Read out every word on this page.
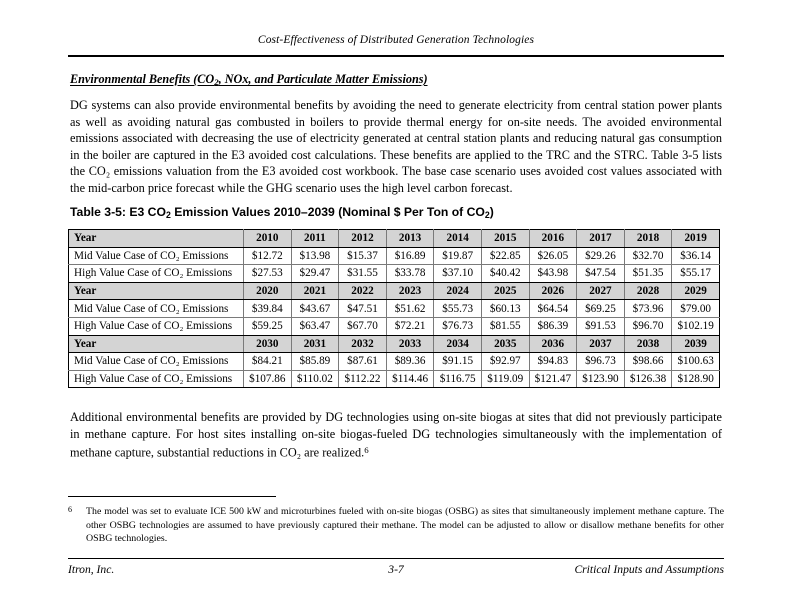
Cost-Effectiveness of Distributed Generation Technologies
Environmental Benefits ($CO_2$, NOx, and Particulate Matter Emissions)
DG systems can also provide environmental benefits by avoiding the need to generate electricity from central station power plants as well as avoiding natural gas combusted in boilers to provide thermal energy for on-site needs. The avoided environmental emissions associated with decreasing the use of electricity generated at central station plants and reducing natural gas consumption in the boiler are captured in the E3 avoided cost calculations. These benefits are applied to the TRC and the STRC. Table 3-5 lists the CO₂ emissions valuation from the E3 avoided cost workbook. The base case scenario uses avoided cost values associated with the mid-carbon price forecast while the GHG scenario uses the high level carbon forecast.
Table 3-5: E3 $CO_2$ Emission Values 2010–2039 (Nominal $ Per Ton of $CO_2$)
Year	2010	2011	2012	2013	2014	2015	2016	2017	2018	2019
Mid Value Case of CO₂ Emissions	$12.72	$13.98	$15.37	$16.89	$19.87	$22.85	$26.05	$29.26	$32.70	$36.14
High Value Case of CO₂ Emissions	$27.53	$29.47	$31.55	$33.78	$37.10	$40.42	$43.98	$47.54	$51.35	$55.17
Year	2020	2021	2022	2023	2024	2025	2026	2027	2028	2029
Mid Value Case of CO₂ Emissions	$39.84	$43.67	$47.51	$51.62	$55.73	$60.13	$64.54	$69.25	$73.96	$79.00
High Value Case of CO₂ Emissions	$59.25	$63.47	$67.70	$72.21	$76.73	$81.55	$86.39	$91.53	$96.70	$102.19
Year	2030	2031	2032	2033	2034	2035	2036	2037	2038	2039
Mid Value Case of CO₂ Emissions	$84.21	$85.89	$87.61	$89.36	$91.15	$92.97	$94.83	$96.73	$98.66	$100.63
High Value Case of CO₂ Emissions	$107.86	$110.02	$112.22	$114.46	$116.75	$119.09	$121.47	$123.90	$126.38	$128.90
Additional environmental benefits are provided by DG technologies using on-site biogas at sites that did not previously participate in methane capture. For host sites installing on-site biogas-fueled DG technologies simultaneously with the implementation of methane capture, substantial reductions in CO₂ are realized.$^6$
6 The model was set to evaluate ICE 500 kW and microturbines fueled with on-site biogas (OSBG) as sites that simultaneously implement methane capture. The other OSBG technologies are assumed to have previously captured their methane. The model can be adjusted to allow or disallow methane benefits for other OSBG technologies.
Itron, Inc.	3-7	Critical Inputs and Assumptions
